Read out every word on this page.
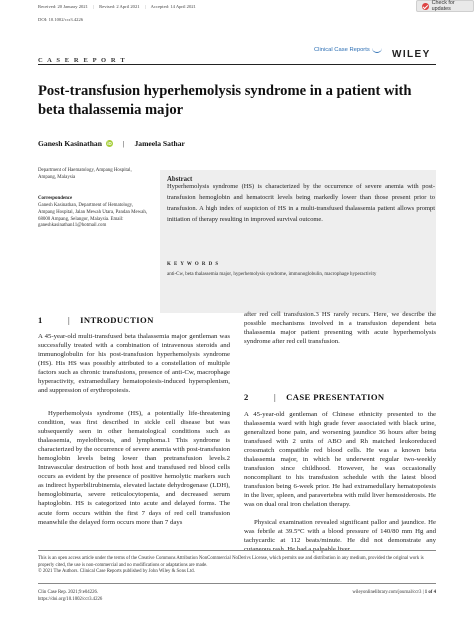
Check for updates
Received: 20 January 2021 | Revised: 2 April 2021 | Accepted: 14 April 2021
DOI: 10.1002/ccr3.4226
C A S E R E P O R T
Clinical Case Reports WILEY
Post-transfusion hyperhemolysis syndrome in a patient with beta thalassemia major
Ganesh Kasinathan iD | Jameela Sathar
Department of Haematology, Ampang Hospital, Ampang, Malaysia
Correspondence
Ganesh Kasinathan, Department of Hematology, Ampang Hospital, Jalan Mewah Utara, Pandan Mewah, 68000 Ampang, Selangor, Malaysia. Email: ganeshkasinathan11@hotmail.com
Abstract

Hyperhemolysis syndrome (HS) is characterized by the occurrence of severe anemia with post-transfusion hemoglobin and hematocrit levels being markedly lower than those present prior to transfusion. A high index of suspicion of HS in a multi-transfused thalassemia patient allows prompt initiation of therapy resulting in improved survival outcome.

K E Y W O R D S
anti-Cw, beta thalassemia major, hyperhemolysis syndrome, immunoglobulin, macrophage hyperactivity
1	| INTRODUCTION

A 45-year-old multi-transfused beta thalassemia major gentleman was successfully treated with a combination of intravenous steroids and immunoglobulin for his post-transfusion hyperhemolysis syndrome (HS). His HS was possibly attributed to a constellation of multiple factors such as chronic transfusions, presence of anti-Cw, macrophage hyperactivity, extramedullary hematopoiesis-induced hypersplenism, and suppression of erythropoiesis.

Hyperhemolysis syndrome (HS), a potentially life-threatening condition, was first described in sickle cell disease but was subsequently seen in other hematological conditions such as thalassemia, myelofibrosis, and lymphoma.1 This syndrome is characterized by the occurrence of severe anemia with post-transfusion hemoglobin levels being lower than pretransfusion levels.2 Intravascular destruction of both host and transfused red blood cells occurs as evident by the presence of positive hemolytic markers such as indirect hyperbilirubinemia, elevated lactate dehydrogenase (LDH), hemoglobinuria, severe reticulocytopenia, and decreased serum haptoglobin. HS is categorized into acute and delayed forms. The acute form occurs within the first 7 days of red cell transfusion meanwhile the delayed form occurs more than 7 days

after red cell transfusion.3 HS rarely recurs. Here, we describe the possible mechanisms involved in a transfusion dependent beta thalassemia major patient presenting with acute hyperhemolysis syndrome after red cell transfusion.

2	| CASE PRESENTATION

A 45-year-old gentleman of Chinese ethnicity presented to the thalassemia ward with high grade fever associated with black urine, generalized bone pain, and worsening jaundice 36 hours after being transfused with 2 units of ABO and Rh matched leukoreduced crossmatch compatible red blood cells. He was a known beta thalassemia major, in which he underwent regular two-weekly transfusion since childhood. However, he was occasionally noncompliant to his transfusion schedule with the latest blood transfusion being 6-week prior. He had extramedullary hematopoiesis in the liver, spleen, and paravertebra with mild liver hemosiderosis. He was on dual oral iron chelation therapy.

Physical examination revealed significant pallor and jaundice. He was febrile at 39.5°C with a blood pressure of 140/80 mm Hg and tachycardic at 112 beats/minute. He did not demonstrate any

This is an open access article under the terms of the Creative Commons Attribution NonCommercial NoDerivs License, which permits use and distribution in any medium, provided the original work is properly cited, the use is non-commercial and no modifications or adaptations are made.
© 2021 The Authors. Clinical Case Reports published by John Wiley & Sons Ltd.
Clin Case Rep. 2021;9:e04226.
https://doi.org/10.1002/ccr3.4226
wileyonlinelibrary.com/journal/ccr3 | 1 of 4
